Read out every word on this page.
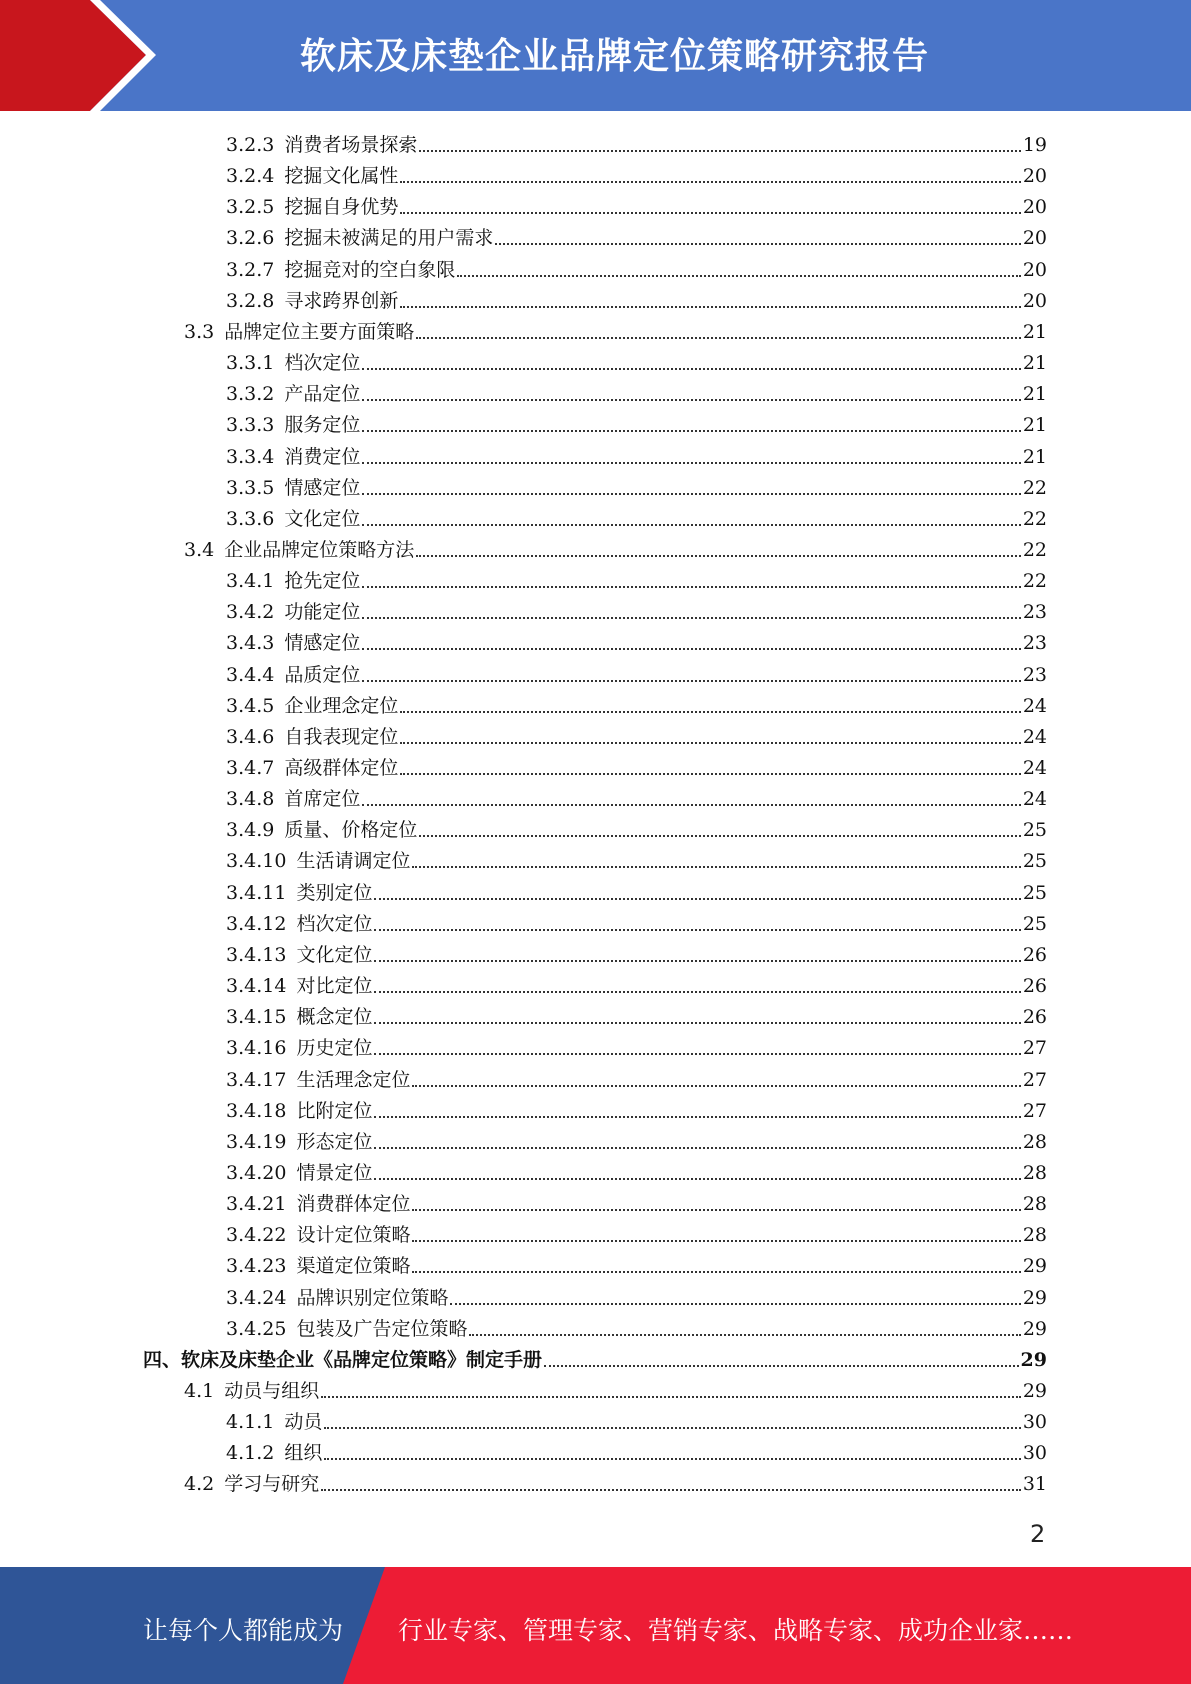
软床及床垫企业品牌定位策略研究报告
3.2.3 消费者场景探索	19
3.2.4 挖掘文化属性	20
3.2.5 挖掘自身优势	20
3.2.6 挖掘未被满足的用户需求	20
3.2.7 挖掘竞对的空白象限	20
3.2.8 寻求跨界创新	20
3.3 品牌定位主要方面策略	21
3.3.1 档次定位	21
3.3.2 产品定位	21
3.3.3 服务定位	21
3.3.4 消费定位	21
3.3.5 情感定位	22
3.3.6 文化定位	22
3.4 企业品牌定位策略方法	22
3.4.1 抢先定位	22
3.4.2 功能定位	23
3.4.3 情感定位	23
3.4.4 品质定位	23
3.4.5 企业理念定位	24
3.4.6 自我表现定位	24
3.4.7 高级群体定位	24
3.4.8 首席定位	24
3.4.9 质量、价格定位	25
3.4.10 生活请调定位	25
3.4.11 类别定位	25
3.4.12 档次定位	25
3.4.13 文化定位	26
3.4.14 对比定位	26
3.4.15 概念定位	26
3.4.16 历史定位	27
3.4.17 生活理念定位	27
3.4.18 比附定位	27
3.4.19 形态定位	28
3.4.20 情景定位	28
3.4.21 消费群体定位	28
3.4.22 设计定位策略	28
3.4.23 渠道定位策略	29
3.4.24 品牌识别定位策略	29
3.4.25 包装及广告定位策略	29
四、 软床及床垫企业《品牌定位策略》制定手册	29
4.1 动员与组织	29
4.1.1 动员	30
4.1.2 组织	30
4.2 学习与研究	31
2
让每个人都能成为 行业专家、管理专家、营销专家、战略专家、成功企业家……
